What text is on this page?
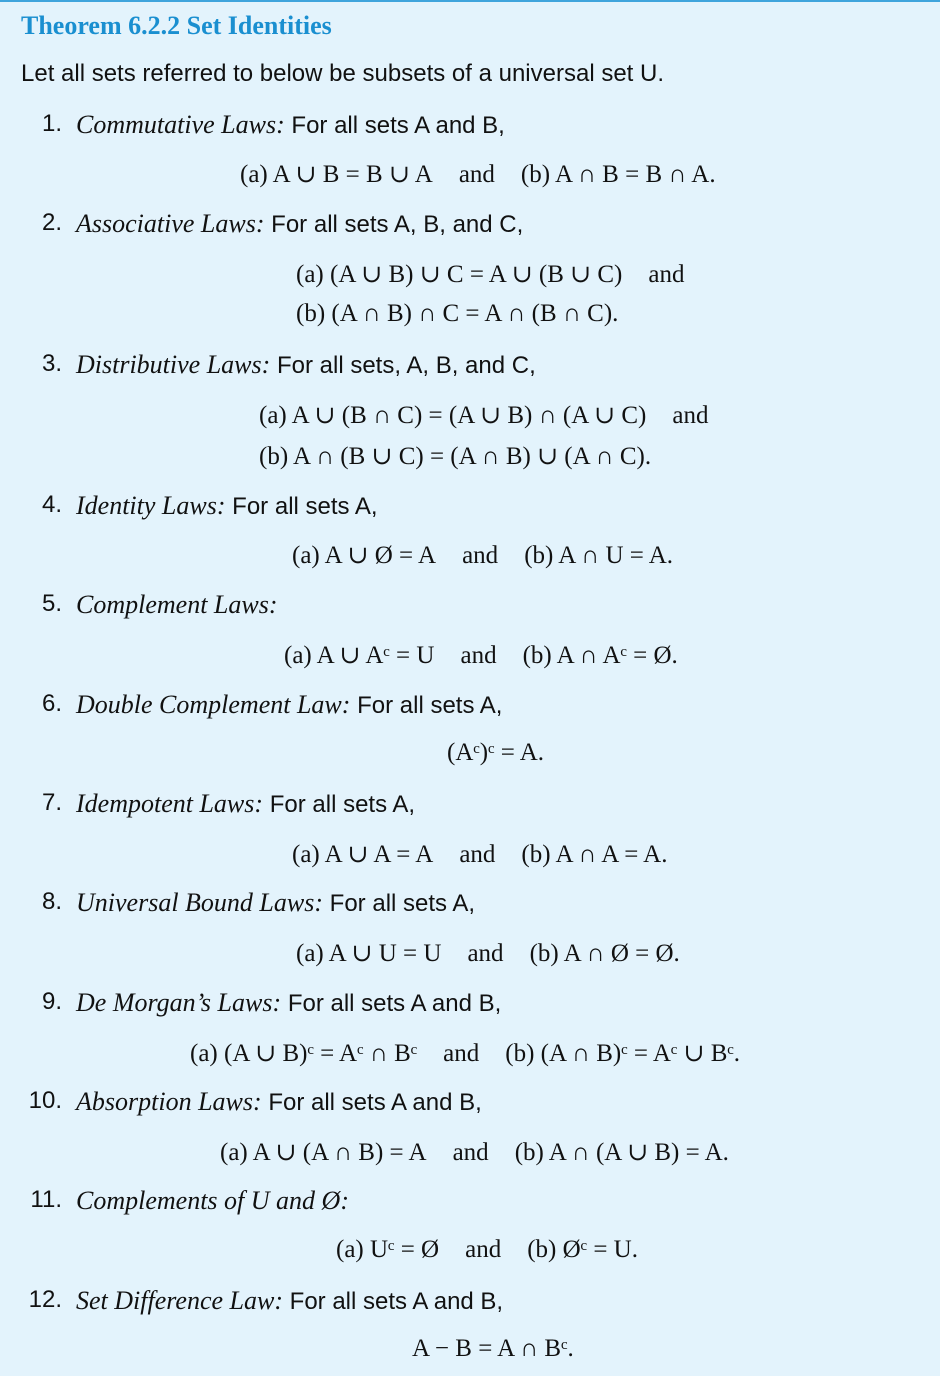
Theorem 6.2.2 Set Identities
Let all sets referred to below be subsets of a universal set U.
1. Commutative Laws: For all sets A and B,
(a) A ∪ B = B ∪ A and (b) A ∩ B = B ∩ A.
2. Associative Laws: For all sets A, B, and C,
(a) (A ∪ B) ∪ C = A ∪ (B ∪ C) and
(b) (A ∩ B) ∩ C = A ∩ (B ∩ C).
3. Distributive Laws: For all sets, A, B, and C,
(a) A ∪ (B ∩ C) = (A ∪ B) ∩ (A ∪ C) and
(b) A ∩ (B ∪ C) = (A ∩ B) ∪ (A ∩ C).
4. Identity Laws: For all sets A,
(a) A ∪ Ø = A and (b) A ∩ U = A.
5. Complement Laws:
(a) A ∪ Aᶜ = U and (b) A ∩ Aᶜ = Ø.
6. Double Complement Law: For all sets A,
(Aᶜ)ᶜ = A.
7. Idempotent Laws: For all sets A,
(a) A ∪ A = A and (b) A ∩ A = A.
8. Universal Bound Laws: For all sets A,
(a) A ∪ U = U and (b) A ∩ Ø = Ø.
9. De Morgan’s Laws: For all sets A and B,
(a) (A ∪ B)ᶜ = Aᶜ ∩ Bᶜ and (b) (A ∩ B)ᶜ = Aᶜ ∪ Bᶜ.
10. Absorption Laws: For all sets A and B,
(a) A ∪ (A ∩ B) = A and (b) A ∩ (A ∪ B) = A.
11. Complements of U and Ø:
(a) Uᶜ = Ø and (b) Øᶜ = U.
12. Set Difference Law: For all sets A and B,
A − B = A ∩ Bᶜ.
